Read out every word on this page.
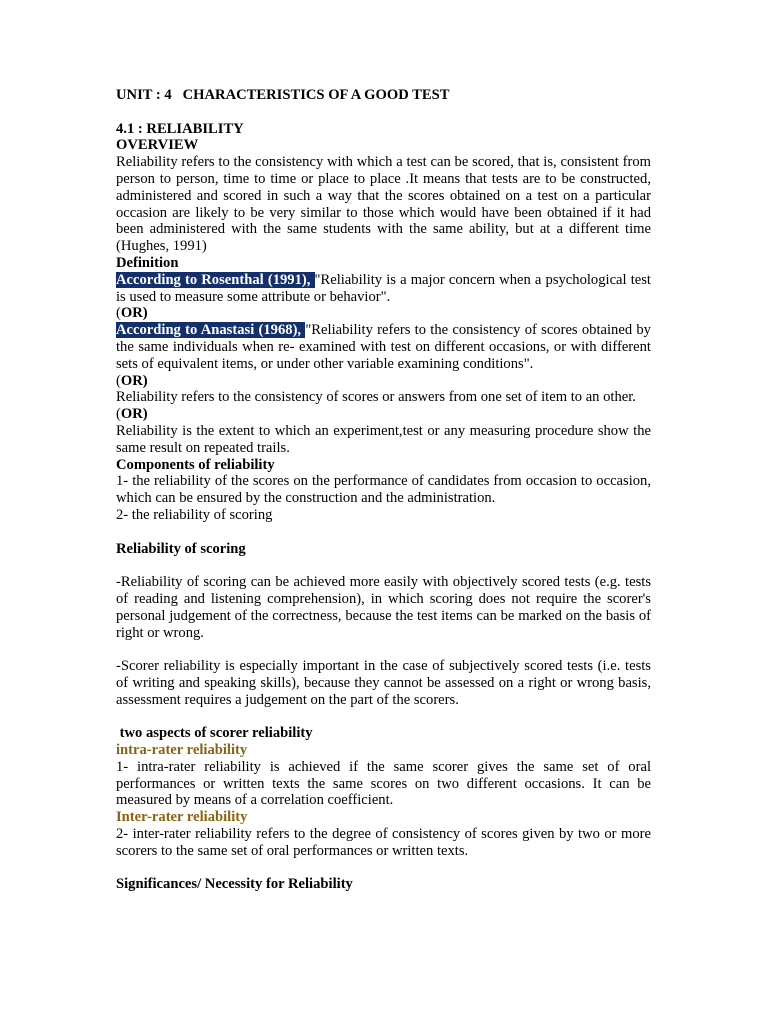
UNIT : 4   CHARACTERISTICS OF A GOOD TEST

4.1 : RELIABILITY

OVERVIEW

Reliability refers to the consistency with which a test can be scored, that is, consistent from person to person, time to time or place to place .It means that tests are to be constructed, administered and scored in such a way that the scores obtained on a test on a particular occasion are likely to be very similar to those which would have been obtained if it had been administered with the same students with the same ability, but at a different time (Hughes, 1991)

Definition

According to Rosenthal (1991), "Reliability is a major concern when a psychological test is used to measure some attribute or behavior".

(OR)

According to Anastasi (1968), "Reliability refers to the consistency of scores obtained by the same individuals when re- examined with test on different occasions, or with different sets of equivalent items, or under other variable examining conditions".

(OR)

Reliability refers to the consistency of scores or answers from one set of item to an other.

(OR)

Reliability is the extent to which an experiment,test or any measuring procedure show the same result on repeated trails.

Components of reliability

1- the reliability of the scores on the performance of candidates from occasion to occasion, which can be ensured by the construction and the administration.

2- the reliability of scoring

Reliability of scoring

-Reliability of scoring can be achieved more easily with objectively scored tests (e.g. tests of reading and listening comprehension), in which scoring does not require the scorer's personal judgement of the correctness, because the test items can be marked on the basis of right or wrong.

-Scorer reliability is especially important in the case of subjectively scored tests (i.e. tests of writing and speaking skills), because they cannot be assessed on a right or wrong basis, assessment requires a judgement on the part of the scorers.

two aspects of scorer reliability

intra-rater reliability

1- intra-rater reliability is achieved if the same scorer gives the same set of oral performances or written texts the same scores on two different occasions. It can be measured by means of a correlation coefficient.

Inter-rater reliability

2- inter-rater reliability refers to the degree of consistency of scores given by two or more scorers to the same set of oral performances or written texts.

Significances/ Necessity for Reliability
